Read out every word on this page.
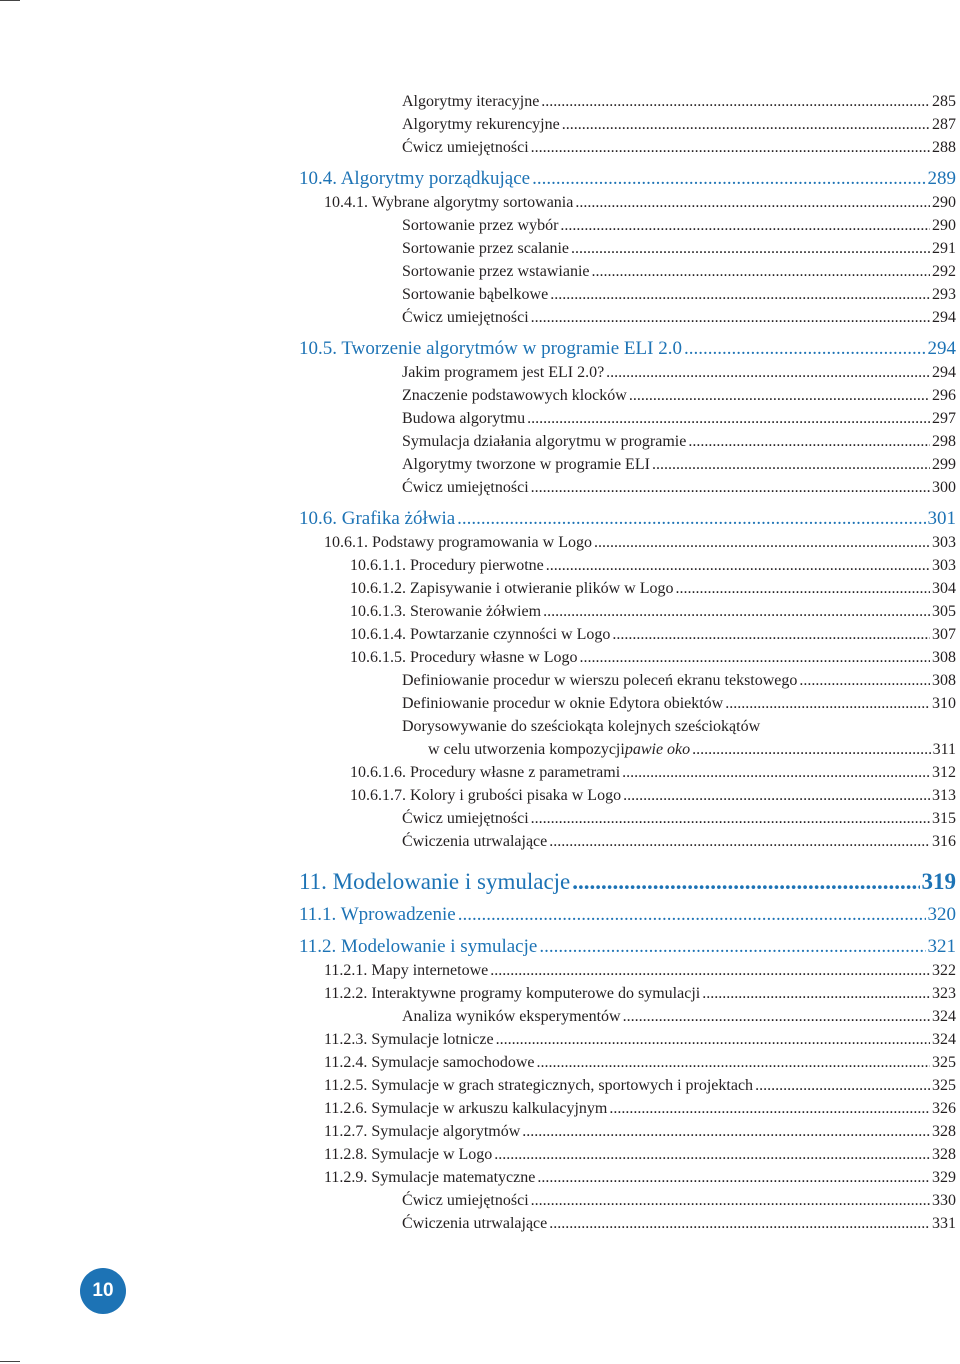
Algorytmy iteracyjne .....	285
Algorytmy rekurencyjne .....	287
Ćwicz umiejętności .....	288
10.4. Algorytmy porządkujące .....	289
10.4.1. Wybrane algorytmy sortowania .....	290
Sortowanie przez wybór .....	290
Sortowanie przez scalanie .....	291
Sortowanie przez wstawianie .....	292
Sortowanie bąbelkowe .....	293
Ćwicz umiejętności .....	294
10.5. Tworzenie algorytmów w programie ELI 2.0 .....	294
Jakim programem jest ELI 2.0? .....	294
Znaczenie podstawowych klocków .....	296
Budowa algorytmu .....	297
Symulacja działania algorytmu w programie .....	298
Algorytmy tworzone w programie ELI .....	299
Ćwicz umiejętności .....	300
10.6. Grafika żółwia .....	301
10.6.1. Podstawy programowania w Logo .....	303
10.6.1.1. Procedury pierwotne .....	303
10.6.1.2. Zapisywanie i otwieranie plików w Logo .....	304
10.6.1.3. Sterowanie żółwiem .....	305
10.6.1.4. Powtarzanie czynności w Logo .....	307
10.6.1.5. Procedury własne w Logo .....	308
Definiowanie procedur w wierszu poleceń ekranu tekstowego .....	308
Definiowanie procedur w oknie Edytora obiektów .....	310
Dorysowywanie do sześciokąta kolejnych sześciokątów
w celu utworzenia kompozycji pawie oko .....	311
10.6.1.6. Procedury własne z parametrami .....	312
10.6.1.7. Kolory i grubości pisaka w Logo .....	313
Ćwicz umiejętności .....	315
Ćwiczenia utrwalające .....	316
11. Modelowanie i symulacje .....	319
11.1. Wprowadzenie .....	320
11.2. Modelowanie i symulacje .....	321
11.2.1. Mapy internetowe .....	322
11.2.2. Interaktywne programy komputerowe do symulacji .....	323
Analiza wyników eksperymentów .....	324
11.2.3. Symulacje lotnicze .....	324
11.2.4. Symulacje samochodowe .....	325
11.2.5. Symulacje w grach strategicznych, sportowych i projektach .....	325
11.2.6. Symulacje w arkuszu kalkulacyjnym .....	326
11.2.7. Symulacje algorytmów .....	328
11.2.8. Symulacje w Logo .....	328
11.2.9. Symulacje matematyczne .....	329
Ćwicz umiejętności .....	330
Ćwiczenia utrwalające .....	331
10
